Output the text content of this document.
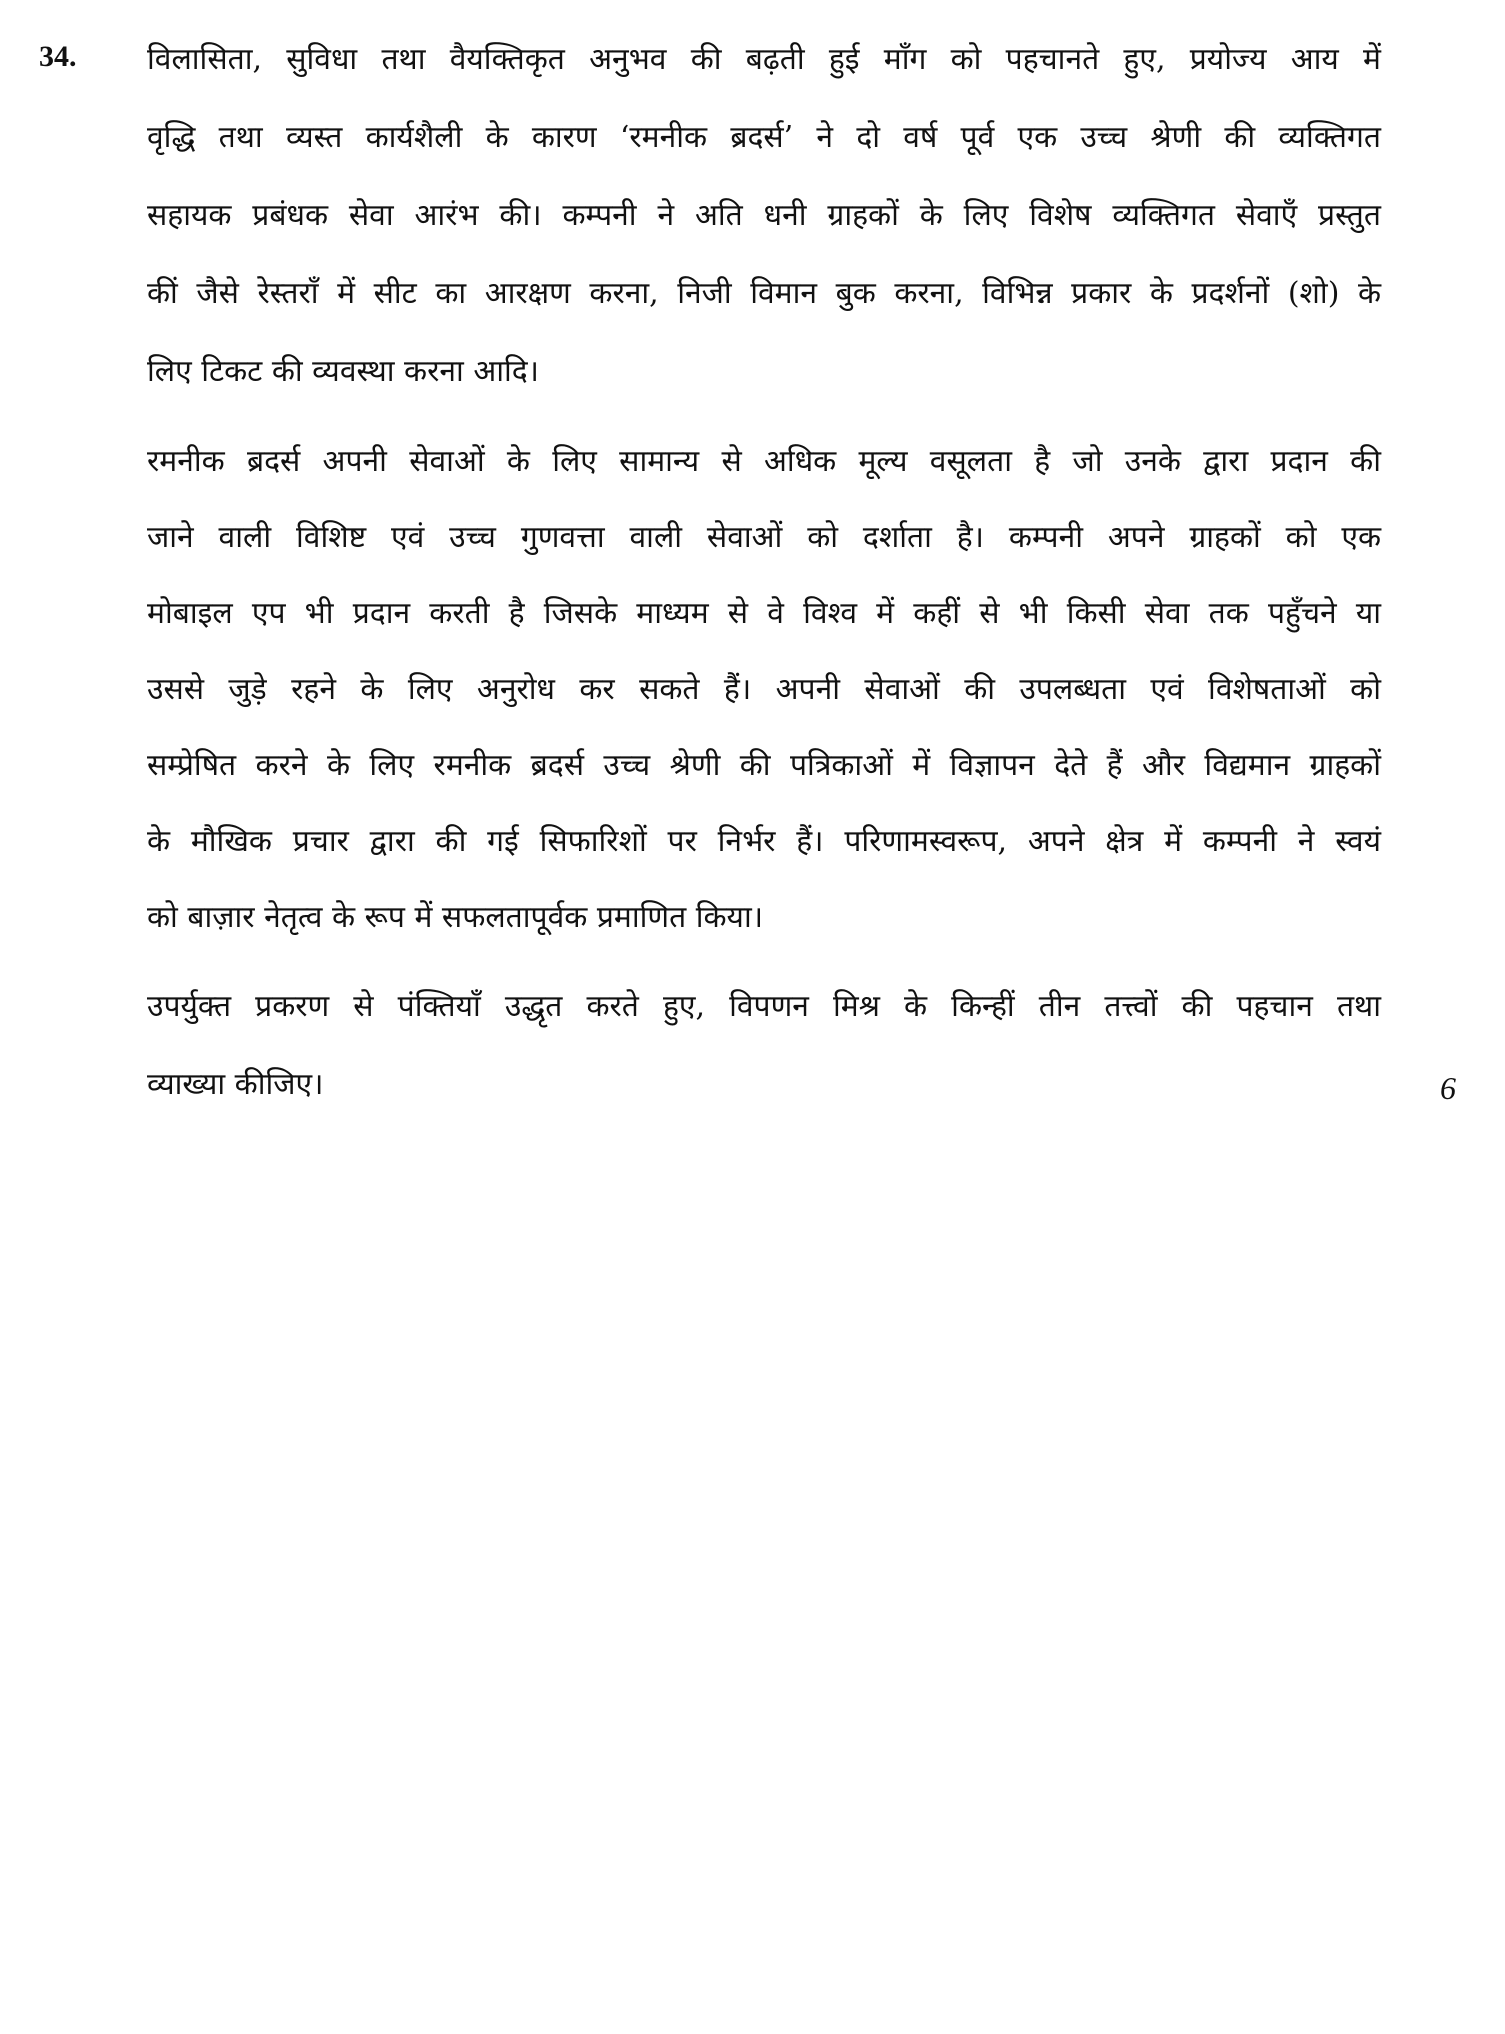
34. विलासिता, सुविधा तथा वैयक्तिकृत अनुभव की बढ़ती हुई माँग को पहचानते हुए, प्रयोज्य आय में
वृद्धि तथा व्यस्त कार्यशैली के कारण ‘रमनीक ब्रदर्स’ ने दो वर्ष पूर्व एक उच्च श्रेणी की व्यक्तिगत
सहायक प्रबंधक सेवा आरंभ की। कम्पनी ने अति धनी ग्राहकों के लिए विशेष व्यक्तिगत सेवाएँ प्रस्तुत
कीं जैसे रेस्तराँ में सीट का आरक्षण करना, निजी विमान बुक करना, विभिन्न प्रकार के प्रदर्शनों (शो) के
लिए टिकट की व्यवस्था करना आदि।
रमनीक ब्रदर्स अपनी सेवाओं के लिए सामान्य से अधिक मूल्य वसूलता है जो उनके द्वारा प्रदान की
जाने वाली विशिष्ट एवं उच्च गुणवत्ता वाली सेवाओं को दर्शाता है। कम्पनी अपने ग्राहकों को एक
मोबाइल एप भी प्रदान करती है जिसके माध्यम से वे विश्व में कहीं से भी किसी सेवा तक पहुँचने या
उससे जुड़े रहने के लिए अनुरोध कर सकते हैं। अपनी सेवाओं की उपलब्धता एवं विशेषताओं को
सम्प्रेषित करने के लिए रमनीक ब्रदर्स उच्च श्रेणी की पत्रिकाओं में विज्ञापन देते हैं और विद्यमान ग्राहकों
के मौखिक प्रचार द्वारा की गई सिफारिशों पर निर्भर हैं। परिणामस्वरूप, अपने क्षेत्र में कम्पनी ने स्वयं
को बाज़ार नेतृत्व के रूप में सफलतापूर्वक प्रमाणित किया।
उपर्युक्त प्रकरण से पंक्तियाँ उद्धृत करते हुए, विपणन मिश्र के किन्हीं तीन तत्त्वों की पहचान तथा
व्याख्या कीजिए।	6
